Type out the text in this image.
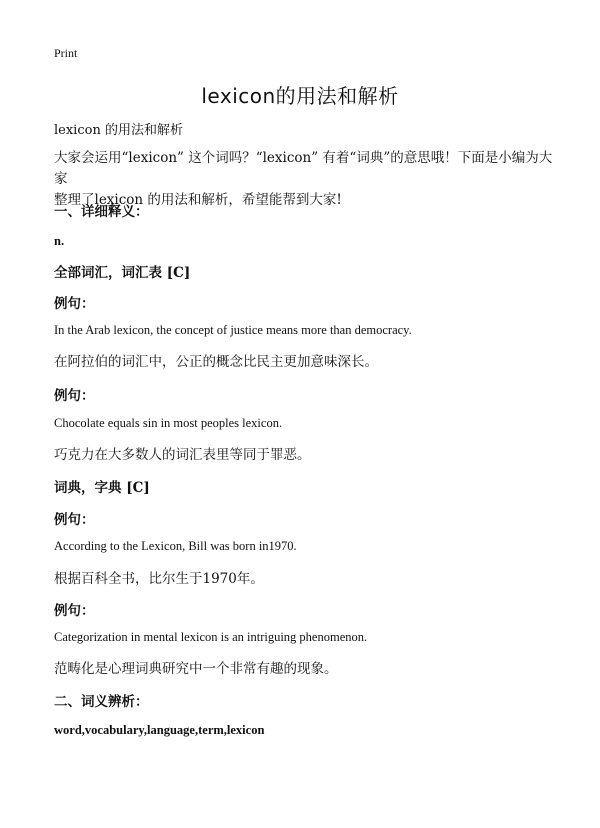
Print
lexicon的用法和解析
lexicon 的用法和解析
大家会运用“lexicon” 这个词吗？“lexicon” 有着“词典”的意思哦！下面是小编为大家
整理了lexicon 的用法和解析，希望能帮到大家!
一、详细释义：
n.
全部词汇，词汇表 [C]
例句：
In the Arab lexicon, the concept of justice means more than democracy.
在阿拉伯的词汇中，公正的概念比民主更加意味深长。
例句：
Chocolate equals sin in most peoples lexicon.
巧克力在大多数人的词汇表里等同于罪恶。
词典，字典 [C]
例句：
According to the Lexicon, Bill was born in1970.
根据百科全书，比尔生于1970年。
例句：
Categorization in mental lexicon is an intriguing phenomenon.
范畴化是心理词典研究中一个非常有趣的现象。
二、词义辨析：
word,vocabulary,language,term,lexicon
